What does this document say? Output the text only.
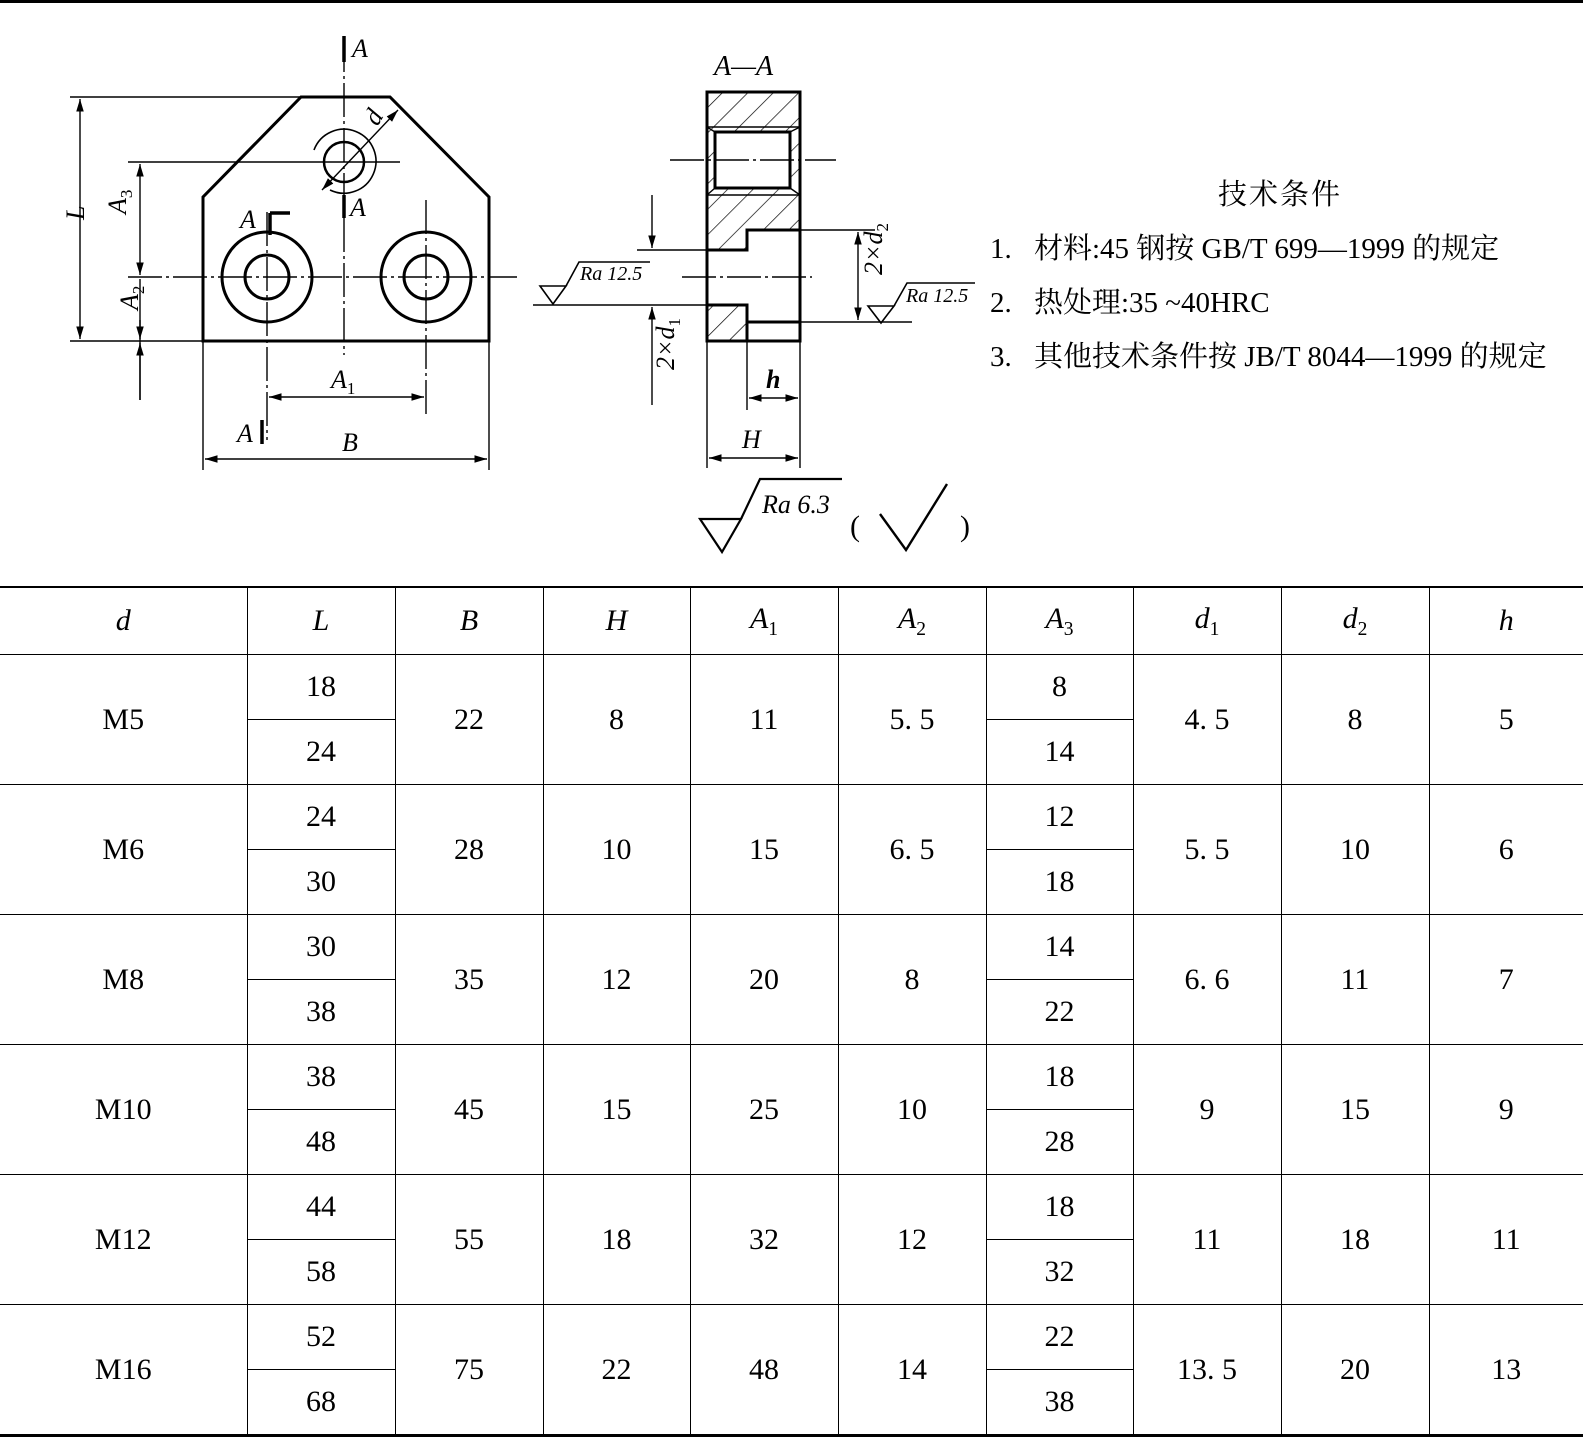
A
A
A
A
d
L $A_3$
$A_2$
$A_1$
B
A—A
$2\times d_1$
$2\times d_2$
h
H
Ra 12.5
Ra 12.5
Ra 6.3
(	)
技术条件
1. 材料:45 钢按 GB/T 699—1999 的规定
2. 热处理:35 ~40HRC
3. 其他技术条件按 JB/T 8044—1999 的规定
d	L	B	H	$A_1$	$A_2$	$A_3$	$d_1$	$d_2$	h
M5	18	22	8	11	5. 5	8	4. 5	8	5
	24					14			
M6	24	28	10	15	6. 5	12	5. 5	10	6
	30					18			
M8	30	35	12	20	8	14	6. 6	11	7
	38					22			
M10	38	45	15	25	10	18	9	15	9
	48					28			
M12	44	55	18	32	12	18	11	18	11
	58					32			
M16	52	75	22	48	14	22	13. 5	20	13
	68					38			
